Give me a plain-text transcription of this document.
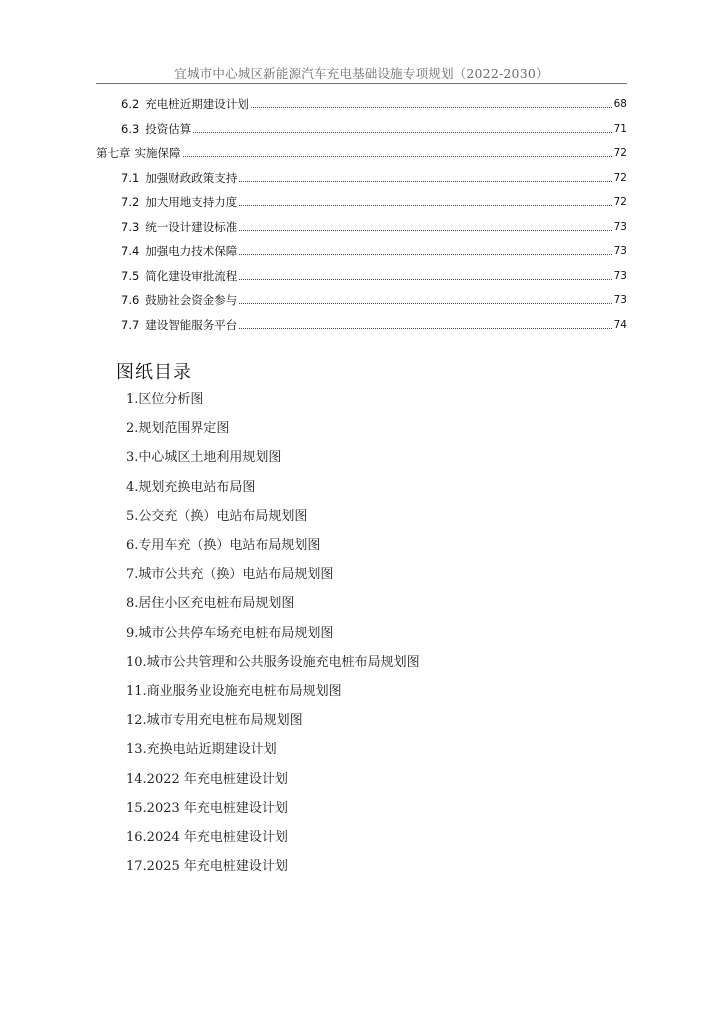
宜城市中心城区新能源汽车充电基础设施专项规划（2022-2030）
6.2 充电桩近期建设计划	68
6.3 投资估算	71
第七章 实施保障	72
7.1 加强财政政策支持	72
7.2 加大用地支持力度	72
7.3 统一设计建设标准	73
7.4 加强电力技术保障	73
7.5 简化建设审批流程	73
7.6 鼓励社会资金参与	73
7.7 建设智能服务平台	74
图纸目录
1.区位分析图
2.规划范围界定图
3.中心城区土地利用规划图
4.规划充换电站布局图
5.公交充（换）电站布局规划图
6.专用车充（换）电站布局规划图
7.城市公共充（换）电站布局规划图
8.居住小区充电桩布局规划图
9.城市公共停车场充电桩布局规划图
10.城市公共管理和公共服务设施充电桩布局规划图
11.商业服务业设施充电桩布局规划图
12.城市专用充电桩布局规划图
13.充换电站近期建设计划
14.2022 年充电桩建设计划
15.2023 年充电桩建设计划
16.2024 年充电桩建设计划
17.2025 年充电桩建设计划
